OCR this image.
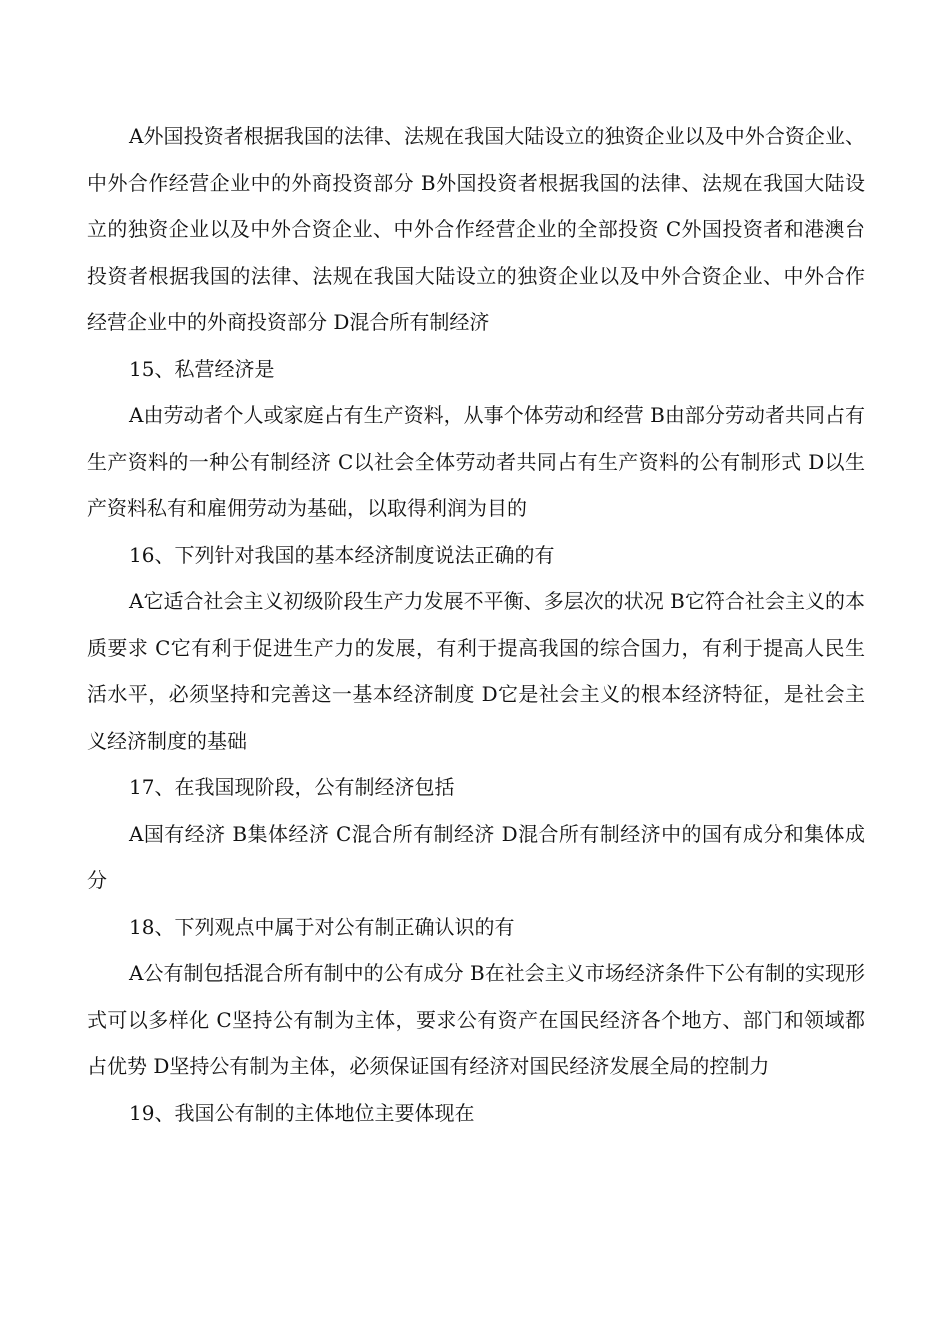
A外国投资者根据我国的法律、法规在我国大陆设立的独资企业以及中外合资企业、中外合作经营企业中的外商投资部分 B外国投资者根据我国的法律、法规在我国大陆设立的独资企业以及中外合资企业、中外合作经营企业的全部投资 C外国投资者和港澳台投资者根据我国的法律、法规在我国大陆设立的独资企业以及中外合资企业、中外合作经营企业中的外商投资部分 D混合所有制经济

15、私营经济是

A由劳动者个人或家庭占有生产资料，从事个体劳动和经营 B由部分劳动者共同占有生产资料的一种公有制经济 C以社会全体劳动者共同占有生产资料的公有制形式 D以生产资料私有和雇佣劳动为基础，以取得利润为目的

16、下列针对我国的基本经济制度说法正确的有

A它适合社会主义初级阶段生产力发展不平衡、多层次的状况 B它符合社会主义的本质要求 C它有利于促进生产力的发展，有利于提高我国的综合国力，有利于提高人民生活水平，必须坚持和完善这一基本经济制度 D它是社会主义的根本经济特征，是社会主义经济制度的基础

17、在我国现阶段，公有制经济包括

A国有经济 B集体经济 C混合所有制经济 D混合所有制经济中的国有成分和集体成分

18、下列观点中属于对公有制正确认识的有

A公有制包括混合所有制中的公有成分 B在社会主义市场经济条件下公有制的实现形式可以多样化 C坚持公有制为主体，要求公有资产在国民经济各个地方、部门和领域都占优势 D坚持公有制为主体，必须保证国有经济对国民经济发展全局的控制力

19、我国公有制的主体地位主要体现在
